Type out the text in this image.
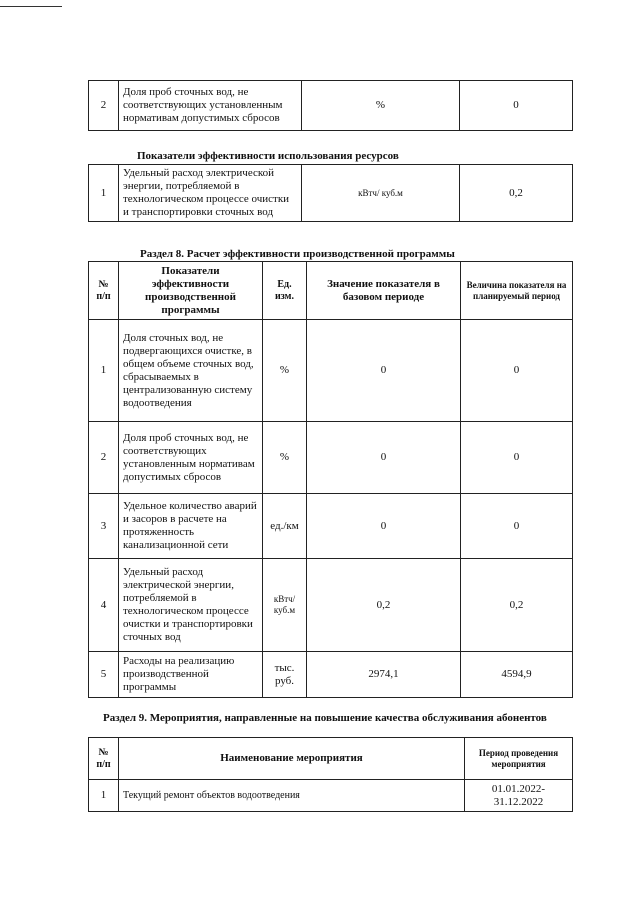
2	Доля проб сточных вод, не соответствующих установленным нормативам допустимых сбросов	%	0
Показатели эффективности использования ресурсов
1	Удельный расход электрической энергии, потребляемой в технологическом процессе очистки и транспортировки сточных вод	кВтч/ куб.м	0,2
Раздел 8. Расчет эффективности производственной программы
№ п/п	Показатели эффективности производственной программы	Ед. изм.	Значение показателя в базовом периоде	Величина показателя на планируемый период
1	Доля сточных вод, не подвергающихся очистке, в общем объеме сточных вод, сбрасываемых в централизованную систему водоотведения	%	0	0
2	Доля проб сточных вод, не соответствующих установленным нормативам допустимых сбросов	%	0	0
3	Удельное количество аварий и засоров в расчете на протяженность канализационной сети	ед./км	0	0
4	Удельный расход электрической энергии, потребляемой в технологическом процессе очистки и транспортировки сточных вод	кВтч/ куб.м	0,2	0,2
5	Расходы на реализацию производственной программы	тыс. руб.	2974,1	4594,9
Раздел 9. Мероприятия, направленные на повышение качества обслуживания абонентов
№ п/п	Наименование мероприятия	Период проведения мероприятия
1	Текущий ремонт объектов водоотведения	01.01.2022- 31.12.2022
